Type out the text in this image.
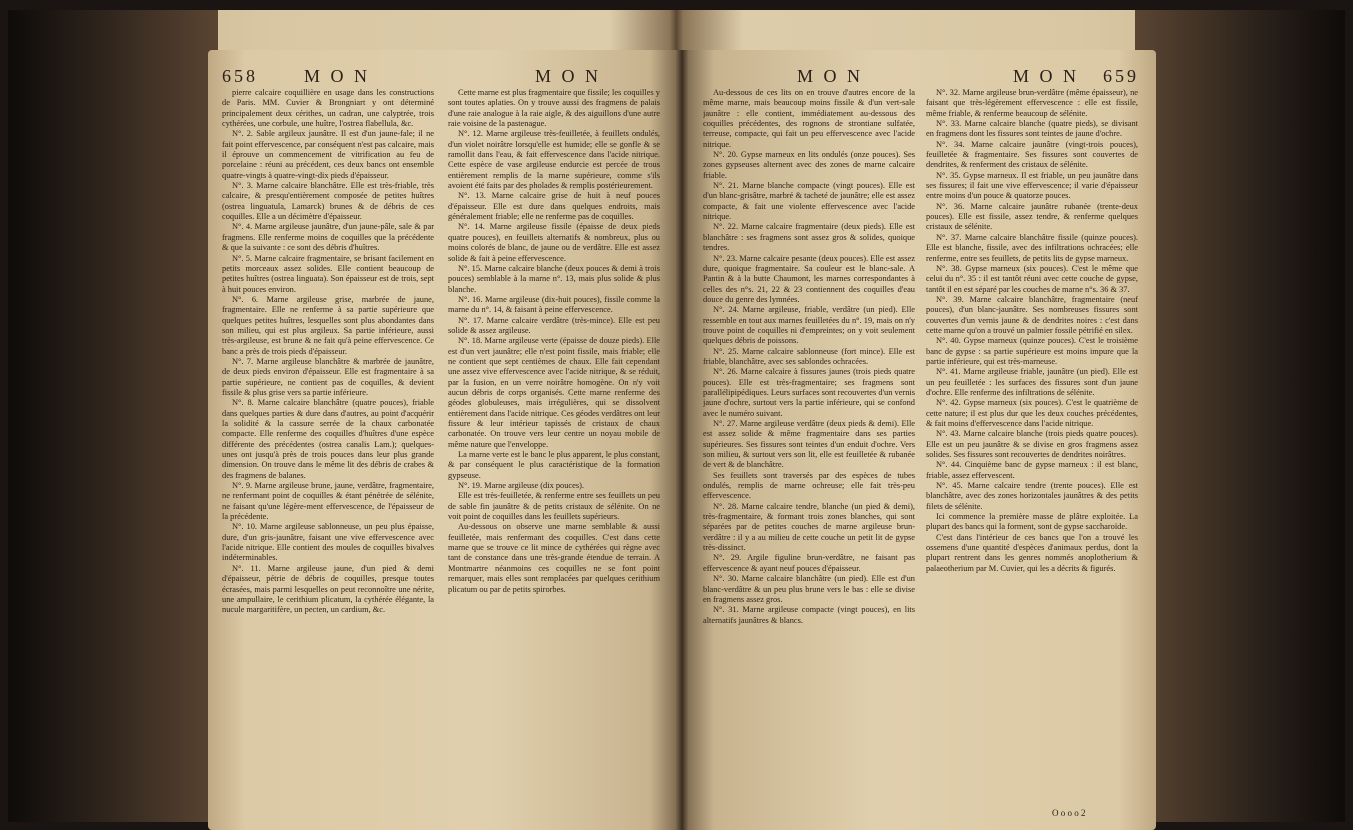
658	M O N	M O N

pierre calcaire coquillière en usage dans les constructions de Paris. MM. Cuvier & Brongniart y ont déterminé principalement deux cérithes, un cadran, une calyptrée, trois cythérées, une corbule, une huître, l'ostrea flabellula, &c.

N°. 2. Sable argileux jaunâtre. Il est d'un jaune-fale; il ne fait point effervescence, par conséquent n'est pas calcaire, mais il éprouve un commencement de vitrification au feu de porcelaine : réuni au précédent, ces deux bancs ont ensemble quatre-vingts à quatre-vingt-dix pieds d'épaisseur.

N°. 3. Marne calcaire blanchâtre. Elle est très-friable, très calcaire, & presqu'entièrement composée de petites huîtres (ostrea linguatula, Lamarck) brunes & de débris de ces coquilles. Elle a un décimètre d'épaisseur.

N°. 4. Marne argileuse jaunâtre, d'un jaune-pâle, sale & par fragmens. Elle renferme moins de coquilles que la précédente & que la suivante : ce sont des débris d'huîtres.

N°. 5. Marne calcaire fragmentaire, se brisant facilement en petits morceaux assez solides. Elle contient beaucoup de petites huîtres (ostrea linguata). Son épaisseur est de trois, sept à huit pouces environ.

N°. 6. Marne argileuse grise, marbrée de jaune, fragmentaire. Elle ne renferme à sa partie supérieure que quelques petites huîtres, lesquelles sont plus abondantes dans son milieu, qui est plus argileux. Sa partie inférieure, aussi très-argileuse, est brune & ne fait qu'à peine effervescence. Ce banc a près de trois pieds d'épaisseur.

N°. 7. Marne argileuse blanchâtre & marbrée de jaunâtre, de deux pieds environ d'épaisseur. Elle est fragmentaire à sa partie supérieure, ne contient pas de coquilles, & devient fissile & plus grise vers sa partie inférieure.

N°. 8. Marne calcaire blanchâtre (quatre pouces), friable dans quelques parties & dure dans d'autres, au point d'acquérir la solidité & la cassure serrée de la chaux carbonatée compacte. Elle renferme des coquilles d'huîtres d'une espèce différente des précédentes (ostrea canalis Lam.); quelques-unes ont jusqu'à près de trois pouces dans leur plus grande dimension. On trouve dans le même lit des débris de crabes & des fragmens de balanes.

N°. 9. Marne argileuse brune, jaune, verdâtre, fragmentaire, ne renfermant point de coquilles & étant pénétrée de sélénite, ne faisant qu'une légère-ment effervescence, de l'épaisseur de la précédente.

N°. 10. Marne argileuse sablonneuse, un peu plus épaisse, dure, d'un gris-jaunâtre, faisant une vive effervescence avec l'acide nitrique. Elle contient des moules de coquilles bivalves indéterminables.

N°. 11. Marne argileuse jaune, d'un pied & demi d'épaisseur, pétrie de débris de coquilles, presque toutes écrasées, mais parmi lesquelles on peut reconnoître une nérite, une ampullaire, le cerithium plicatum, la cythérée élégante, la nucule margaritifère, un pecten, un cardium, &c.

Cette marne est plus fragmentaire que fissile; les coquilles y sont toutes aplaties. On y trouve aussi des fragmens de palais d'une raie analogue à la raie aigle, & des aiguillons d'une autre raie voisine de la pastenague.

N°. 12. Marne argileuse très-feuilletée, à feuillets ondulés, d'un violet noirâtre lorsqu'elle est humide; elle se gonfle & se ramollit dans l'eau, & fait effervescence dans l'acide nitrique. Cette espèce de vase argileuse endurcie est percée de trous entièrement remplis de la marne supérieure, comme s'ils avoient été faits par des pholades & remplis postérieurement.

N°. 13. Marne calcaire grise de huit à neuf pouces d'épaisseur. Elle est dure dans quelques endroits, mais généralement friable; elle ne renferme pas de coquilles.

N°. 14. Marne argileuse fissile (épaisse de deux pieds quatre pouces), en feuillets alternatifs & nombreux, plus ou moins colorés de blanc, de jaune ou de verdâtre. Elle est assez solide & fait à peine effervescence.

N°. 15. Marne calcaire blanche (deux pouces & demi à trois pouces) semblable à la marne n°. 13, mais plus solide & plus blanche.

N°. 16. Marne argileuse (dix-huit pouces), fissile comme la marne du n°. 14, & faisant à peine effervescence.

N°. 17. Marne calcaire verdâtre (très-mince). Elle est peu solide & assez argileuse.

N°. 18. Marne argileuse verte (épaisse de douze pieds). Elle est d'un vert jaunâtre; elle n'est point fissile, mais friable; elle ne contient que sept centièmes de chaux. Elle fait cependant une assez vive effervescence avec l'acide nitrique, & se réduit, par la fusion, en un verre noirâtre homogène. On n'y voit aucun débris de corps organisés. Cette marne renferme des géodes globuleuses, mais irrégulières, qui se dissolvent entièrement dans l'acide nitrique. Ces géodes verdâtres ont leur fissure & leur intérieur tapissés de cristaux de chaux carbonatée. On trouve vers leur centre un noyau mobile de même nature que l'enveloppe.

La marne verte est le banc le plus apparent, le plus constant, & par conséquent le plus caractéristique de la formation gypseuse.

N°. 19. Marne argileuse (dix pouces).

Elle est très-feuilletée, & renferme entre ses feuillets un peu de sable fin jaunâtre & de petits cristaux de sélénite. On ne voit point de coquilles dans les feuillets supérieurs.

Au-dessous on observe une marne semblable & aussi feuilletée, mais renfermant des coquilles. C'est dans cette marne que se trouve ce lit mince de cythérées qui règne avec tant de constance dans une très-grande étendue de terrain. A Montmartre néanmoins ces coquilles ne se font point remarquer, mais elles sont remplacées par quelques cerithium plicatum ou par de petits spirorbes.

M O N	M O N 659

Au-dessous de ces lits on en trouve d'autres encore de la même marne, mais beaucoup moins fissile & d'un vert-sale jaunâtre : elle contient, immédiatement au-dessous des coquilles précédentes, des rognons de strontiane sulfatée, terreuse, compacte, qui fait un peu effervescence avec l'acide nitrique.

N°. 20. Gypse marneux en lits ondulés (onze pouces). Ses zones gypseuses alternent avec des zones de marne calcaire friable.

N°. 21. Marne blanche compacte (vingt pouces). Elle est d'un blanc-grisâtre, marbré & tacheté de jaunâtre; elle est assez compacte, & fait une violente effervescence avec l'acide nitrique.

N°. 22. Marne calcaire fragmentaire (deux pieds). Elle est blanchâtre : ses fragmens sont assez gros & solides, quoique tendres.

N°. 23. Marne calcaire pesante (deux pouces). Elle est assez dure, quoique fragmentaire. Sa couleur est le blanc-sale. A Pantin & à la butte Chaumont, les marnes correspondantes à celles des n°s. 21, 22 & 23 contiennent des coquilles d'eau douce du genre des lymnées.

N°. 24. Marne argileuse, friable, verdâtre (un pied). Elle ressemble en tout aux marnes feuilletées du n°. 19, mais on n'y trouve point de coquilles ni d'empreintes; on y voit seulement quelques débris de poissons.

N°. 25. Marne calcaire sablonneuse (fort mince). Elle est friable, blanchâtre, avec ses sablondes ochracées.

N°. 26. Marne calcaire à fissures jaunes (trois pieds quatre pouces). Elle est très-fragmentaire; ses fragmens sont parallélipipédiques. Leurs surfaces sont recouvertes d'un vernis jaune d'ochre, surtout vers la partie inférieure, qui se confond avec le numéro suivant.

N°. 27. Marne argileuse verdâtre (deux pieds & demi). Elle est assez solide & même fragmentaire dans ses parties supérieures. Ses fissures sont teintes d'un enduit d'ochre. Vers son milieu, & surtout vers son lit, elle est feuilletée & rubanée de vert & de blanchâtre.

Ses feuillets sont traversés par des espèces de tubes ondulés, remplis de marne ochreuse; elle fait très-peu effervescence.

N°. 28. Marne calcaire tendre, blanche (un pied & demi), très-fragmentaire, & formant trois zones blanches, qui sont séparées par de petites couches de marne argileuse brun-verdâtre : il y a au milieu de cette couche un petit lit de gypse très-dissinct.

N°. 29. Argile figuline brun-verdâtre, ne faisant pas effervescence & ayant neuf pouces d'épaisseur.

N°. 30. Marne calcaire blanchâtre (un pied). Elle est d'un blanc-verdâtre & un peu plus brune vers le bas : elle se divise en fragmens assez gros.

N°. 31. Marne argileuse compacte (vingt pouces), en lits alternatifs jaunâtres & blancs.

N°. 32. Marne argileuse brun-verdâtre (même épaisseur), ne faisant que très-légèrement effervescence : elle est fissile, même friable, & renferme beaucoup de sélénite.

N°. 33. Marne calcaire blanche (quatre pieds), se divisant en fragmens dont les fissures sont teintes de jaune d'ochre.

N°. 34. Marne calcaire jaunâtre (vingt-trois pouces), feuilletée & fragmentaire. Ses fissures sont couvertes de dendrites, & renferment des cristaux de sélénite.

N°. 35. Gypse marneux. Il est friable, un peu jaunâtre dans ses fissures; il fait une vive effervescence; il varie d'épaisseur entre moins d'un pouce & quatorze pouces.

N°. 36. Marne calcaire jaunâtre rubanée (trente-deux pouces). Elle est fissile, assez tendre, & renferme quelques cristaux de sélénite.

N°. 37. Marne calcaire blanchâtre fissile (quinze pouces). Elle est blanche, fissile, avec des infiltrations ochracées; elle renferme, entre ses feuillets, de petits lits de gypse marneux.

N°. 38. Gypse marneux (six pouces). C'est le même que celui du n°. 35 : il est tantôt réuni avec cette couche de gypse, tantôt il en est séparé par les couches de marne n°s. 36 & 37.

N°. 39. Marne calcaire blanchâtre, fragmentaire (neuf pouces), d'un blanc-jaunâtre. Ses nombreuses fissures sont couvertes d'un vernis jaune & de dendrites noires : c'est dans cette marne qu'on a trouvé un palmier fossile pétrifié en silex.

N°. 40. Gypse marneux (quinze pouces). C'est le troisième banc de gypse : sa partie supérieure est moins impure que la partie inférieure, qui est très-marneuse.

N°. 41. Marne argileuse friable, jaunâtre (un pied). Elle est un peu feuilletée : les surfaces des fissures sont d'un jaune d'ochre. Elle renferme des infiltrations de sélénite.

N°. 42. Gypse marneux (six pouces). C'est le quatrième de cette nature; il est plus dur que les deux couches précédentes, & fait moins d'effervescence dans l'acide nitrique.

N°. 43. Marne calcaire blanche (trois pieds quatre pouces). Elle est un peu jaunâtre & se divise en gros fragmens assez solides. Ses fissures sont recouvertes de dendrites noirâtres.

N°. 44. Cinquième banc de gypse marneux : il est blanc, friable, assez effervescent.

N°. 45. Marne calcaire tendre (trente pouces). Elle est blanchâtre, avec des zones horizontales jaunâtres & des petits filets de sélénite.

Ici commence la première masse de plâtre exploitée. La plupart des bancs qui la forment, sont de gypse saccharoïde.

C'est dans l'intérieur de ces bancs que l'on a trouvé les ossemens d'une quantité d'espèces d'animaux perdus, dont la plupart rentrent dans les genres nommés anoplotherium & palaeotherium par M. Cuvier, qui les a décrits & figurés.

O o o o 2
